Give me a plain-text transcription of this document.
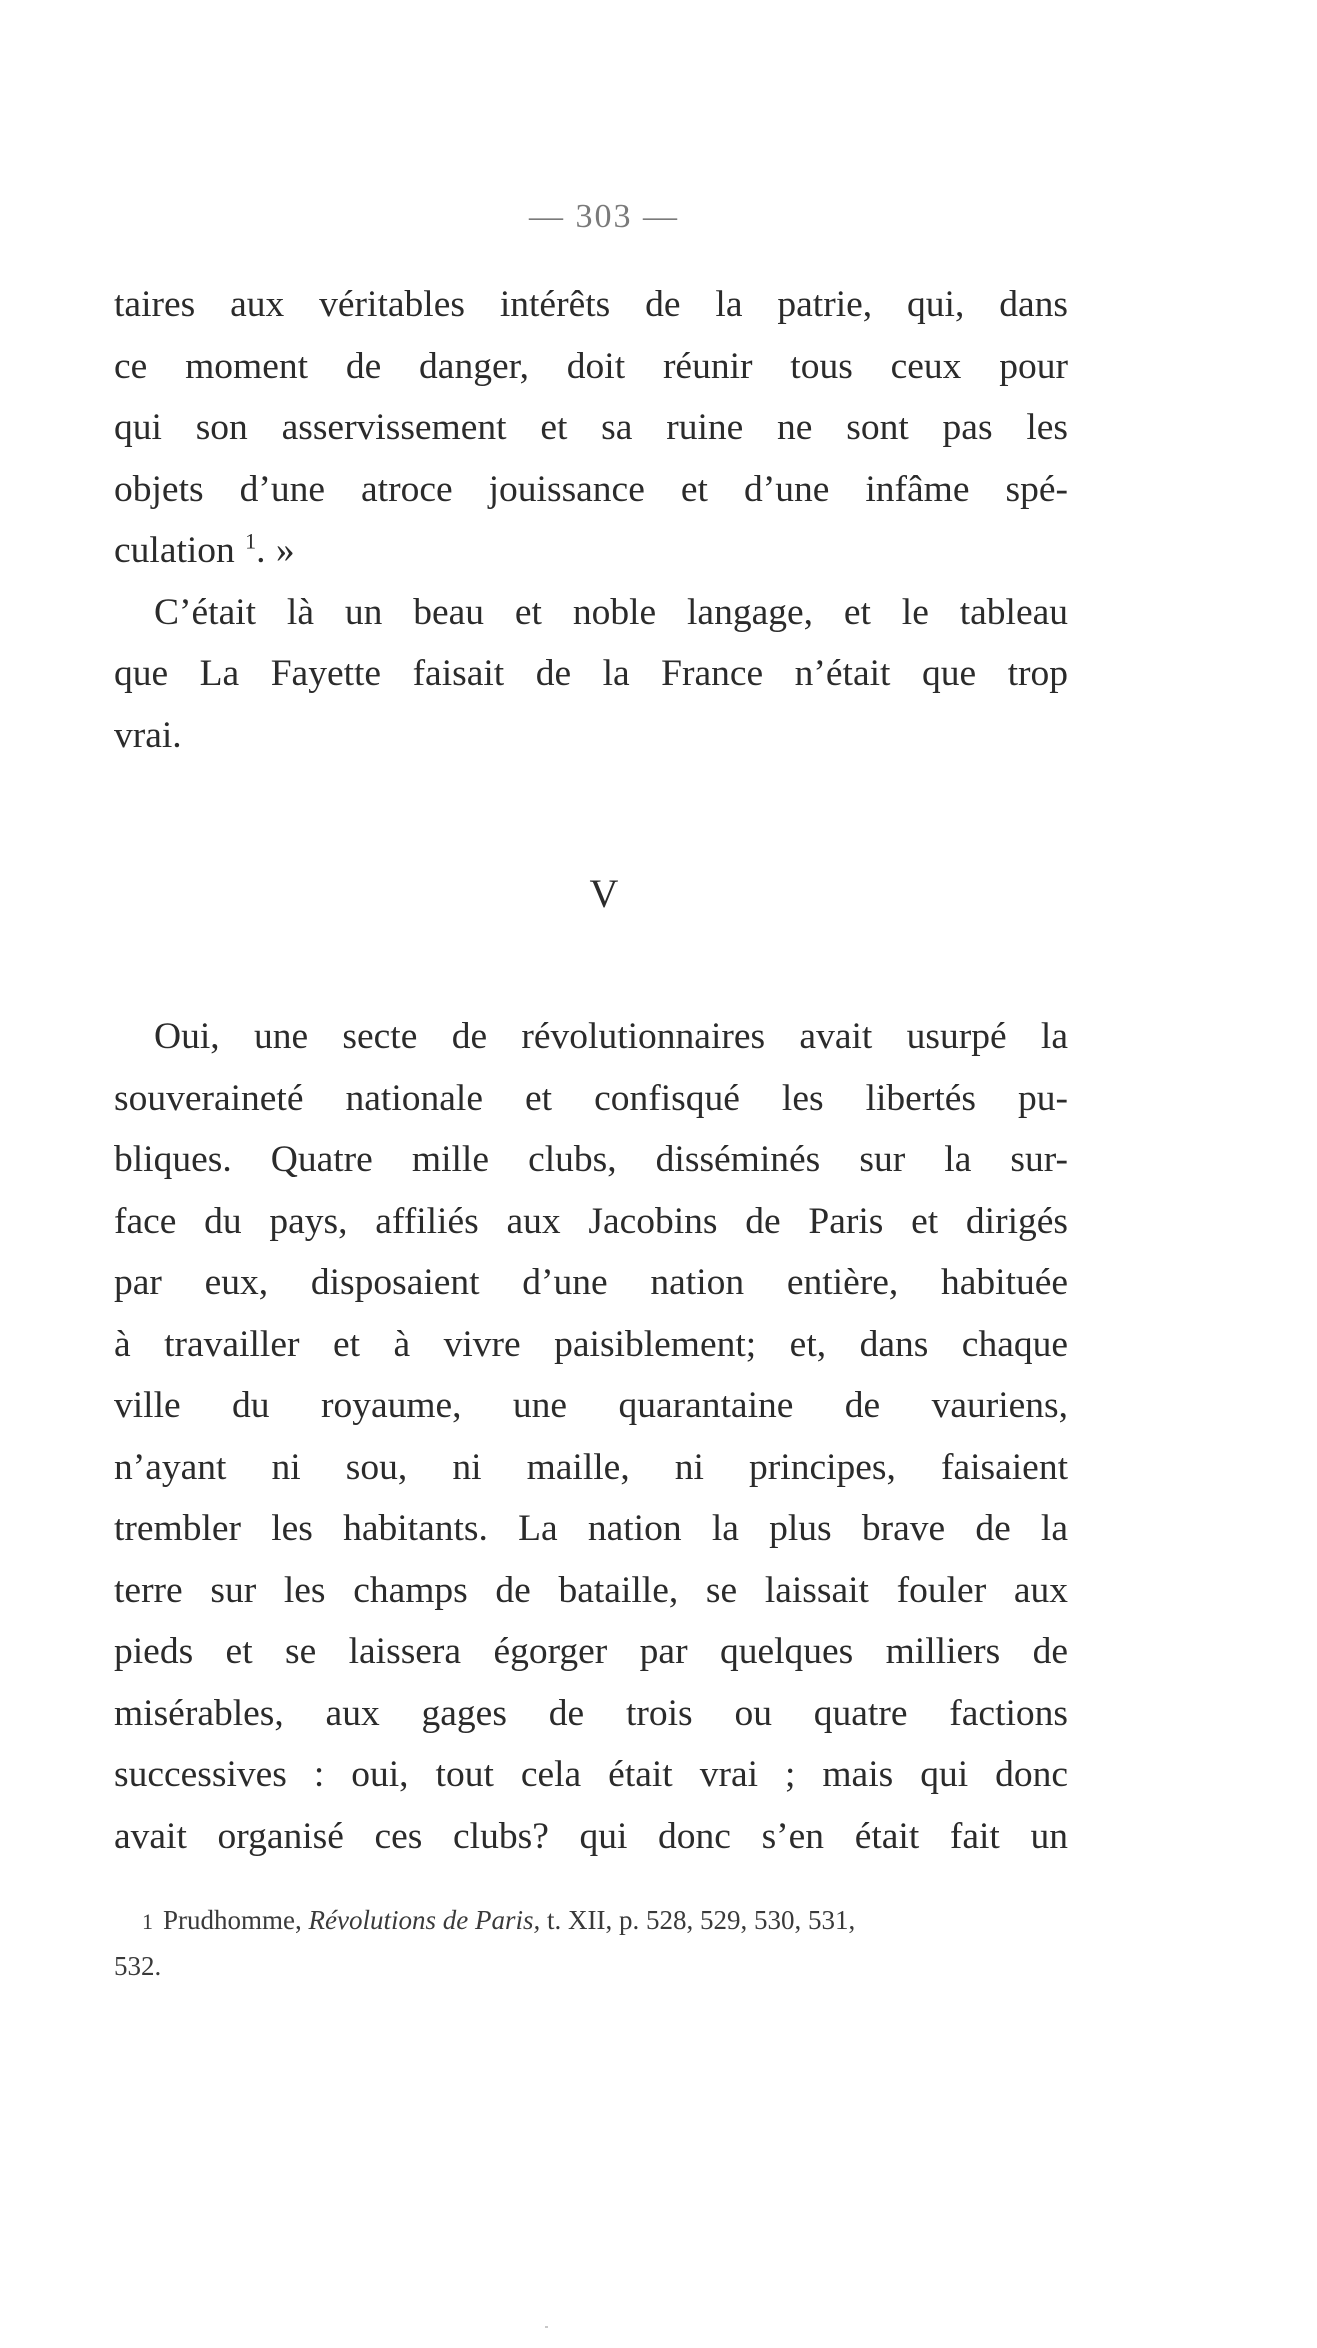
— 303 —

taires aux véritables intérêts de la patrie, qui, dans
ce moment de danger, doit réunir tous ceux pour
qui son asservissement et sa ruine ne sont pas les
objets d’une atroce jouissance et d’une infâme spé-
culation $^1$. »

C’était là un beau et noble langage, et le tableau
que La Fayette faisait de la France n’était que trop
vrai.

V

Oui, une secte de révolutionnaires avait usurpé la
souveraineté nationale et confisqué les libertés pu-
bliques. Quatre mille clubs, disséminés sur la sur-
face du pays, affiliés aux Jacobins de Paris et dirigés
par eux, disposaient d’une nation entière, habituée
à travailler et à vivre paisiblement; et, dans chaque
ville du royaume, une quarantaine de vauriens,
n’ayant ni sou, ni maille, ni principes, faisaient
trembler les habitants. La nation la plus brave de la
terre sur les champs de bataille, se laissait fouler aux
pieds et se laissera égorger par quelques milliers de
misérables, aux gages de trois ou quatre factions
successives : oui, tout cela était vrai ; mais qui donc
avait organisé ces clubs? qui donc s’en était fait un

1 Prudhomme, Révolutions de Paris, t. XII, p. 528, 529, 530, 531,
532.
